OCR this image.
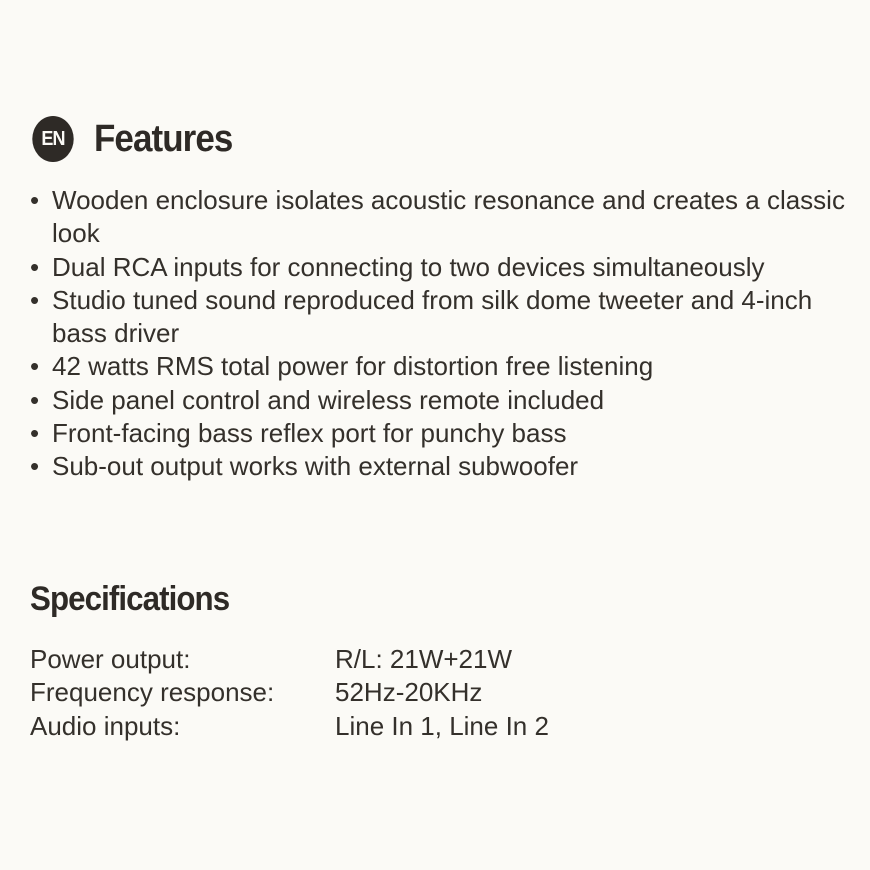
EN Features
• Wooden enclosure isolates acoustic resonance and creates a classic look
• Dual RCA inputs for connecting to two devices simultaneously
• Studio tuned sound reproduced from silk dome tweeter and 4-inch bass driver
• 42 watts RMS total power for distortion free listening
• Side panel control and wireless remote included
• Front-facing bass reflex port for punchy bass
• Sub-out output works with external subwoofer
Specifications
Power output:	R/L: 21W+21W
Frequency response:	52Hz-20KHz
Audio inputs:	Line In 1, Line In 2
